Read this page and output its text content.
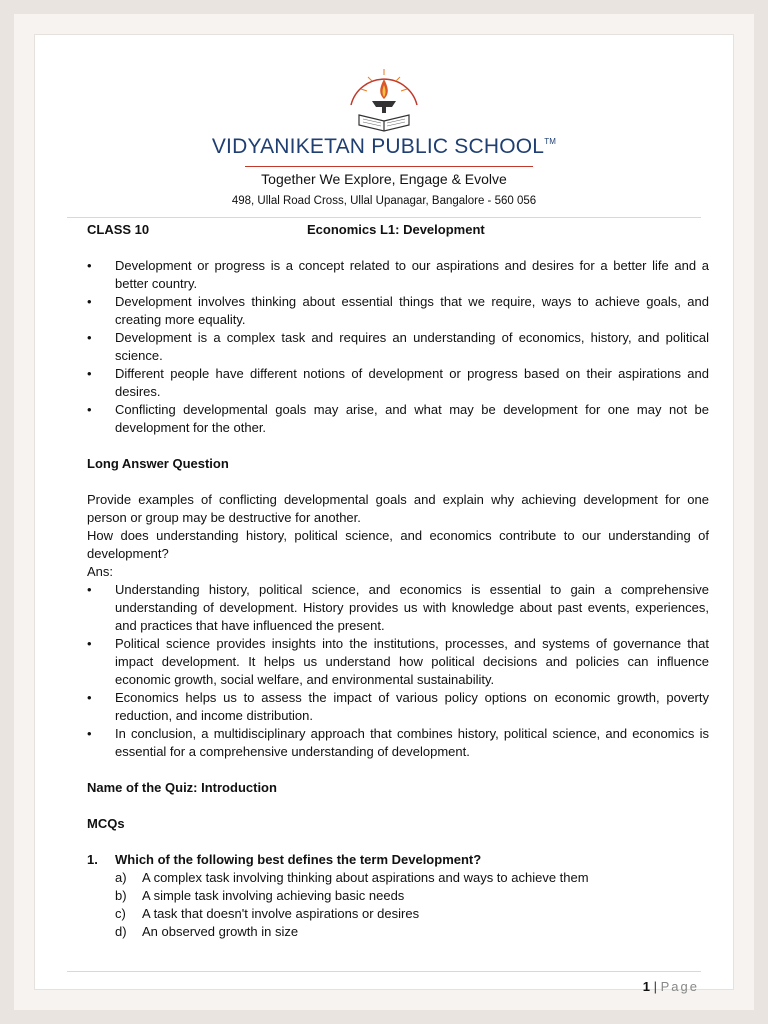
VIDYANIKETAN PUBLIC SCHOOL™
Together We Explore, Engage & Evolve
498, Ullal Road Cross, Ullal Upanagar, Bangalore - 560 056
CLASS 10	Economics L1: Development
• Development or progress is a concept related to our aspirations and desires for a better life and a better country.
• Development involves thinking about essential things that we require, ways to achieve goals, and creating more equality.
• Development is a complex task and requires an understanding of economics, history, and political science.
• Different people have different notions of development or progress based on their aspirations and desires.
• Conflicting developmental goals may arise, and what may be development for one may not be development for the other.
Long Answer Question
Provide examples of conflicting developmental goals and explain why achieving development for one person or group may be destructive for another.
How does understanding history, political science, and economics contribute to our understanding of development?
Ans:
• Understanding history, political science, and economics is essential to gain a comprehensive understanding of development. History provides us with knowledge about past events, experiences, and practices that have influenced the present.
• Political science provides insights into the institutions, processes, and systems of governance that impact development. It helps us understand how political decisions and policies can influence economic growth, social welfare, and environmental sustainability.
• Economics helps us to assess the impact of various policy options on economic growth, poverty reduction, and income distribution.
• In conclusion, a multidisciplinary approach that combines history, political science, and economics is essential for a comprehensive understanding of development.
Name of the Quiz: Introduction
MCQs
1. Which of the following best defines the term Development?
a) A complex task involving thinking about aspirations and ways to achieve them
b) A simple task involving achieving basic needs
c) A task that doesn't involve aspirations or desires
d) An observed growth in size
1 | Page
